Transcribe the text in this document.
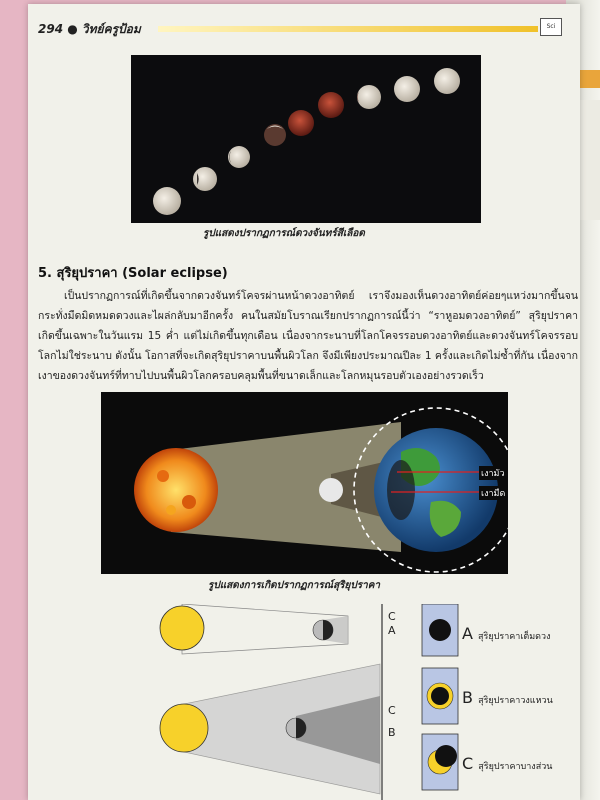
294 ● วิทย์ครูป้อม	Sci
รูปแสดงปรากฏการณ์ดวงจันทร์สีเลือด
5. สุริยุปราคา (Solar eclipse)
เป็นปรากฏการณ์ที่เกิดขึ้นจากดวงจันทร์โคจรผ่านหน้าดวงอาทิตย์ เราจึงมองเห็นดวงอาทิตย์ค่อยๆแหว่งมากขึ้นจนกระทั่งมืดมิดหมดดวงและไผล่กลับมาอีกครั้ง คนในสมัยโบราณเรียกปรากฏการณ์นี้ว่า “ราหูอมดวงอาทิตย์” สุริยุปราคาเกิดขึ้นเฉพาะในวันแรม 15 ค่ำ แต่ไม่เกิดขึ้นทุกเดือน เนื่องจากระนาบที่โลกโคจรรอบดวงอาทิตย์และดวงจันทร์โคจรรอบโลกไม่ใช่ระนาบ ดังนั้น โอกาสที่จะเกิดสุริยุปราคาบนพื้นผิวโลก จึงมีเพียงประมาณปีละ 1 ครั้งและเกิดไม่ซ้ำที่กัน เนื่องจากเงาของดวงจันทร์ที่ทาบไปบนพื้นผิวโลกครอบคลุมพื้นที่ขนาดเล็กและโลกหมุนรอบตัวเองอย่างรวดเร็ว
เงามัว
เงามืด
รูปแสดงการเกิดปรากฏการณ์สุริยุปราคา
C
A
C
B
A สุริยุปราคาเต็มดวง
B สุริยุปราคาวงแหวน
C สุริยุปราคาบางส่วน
